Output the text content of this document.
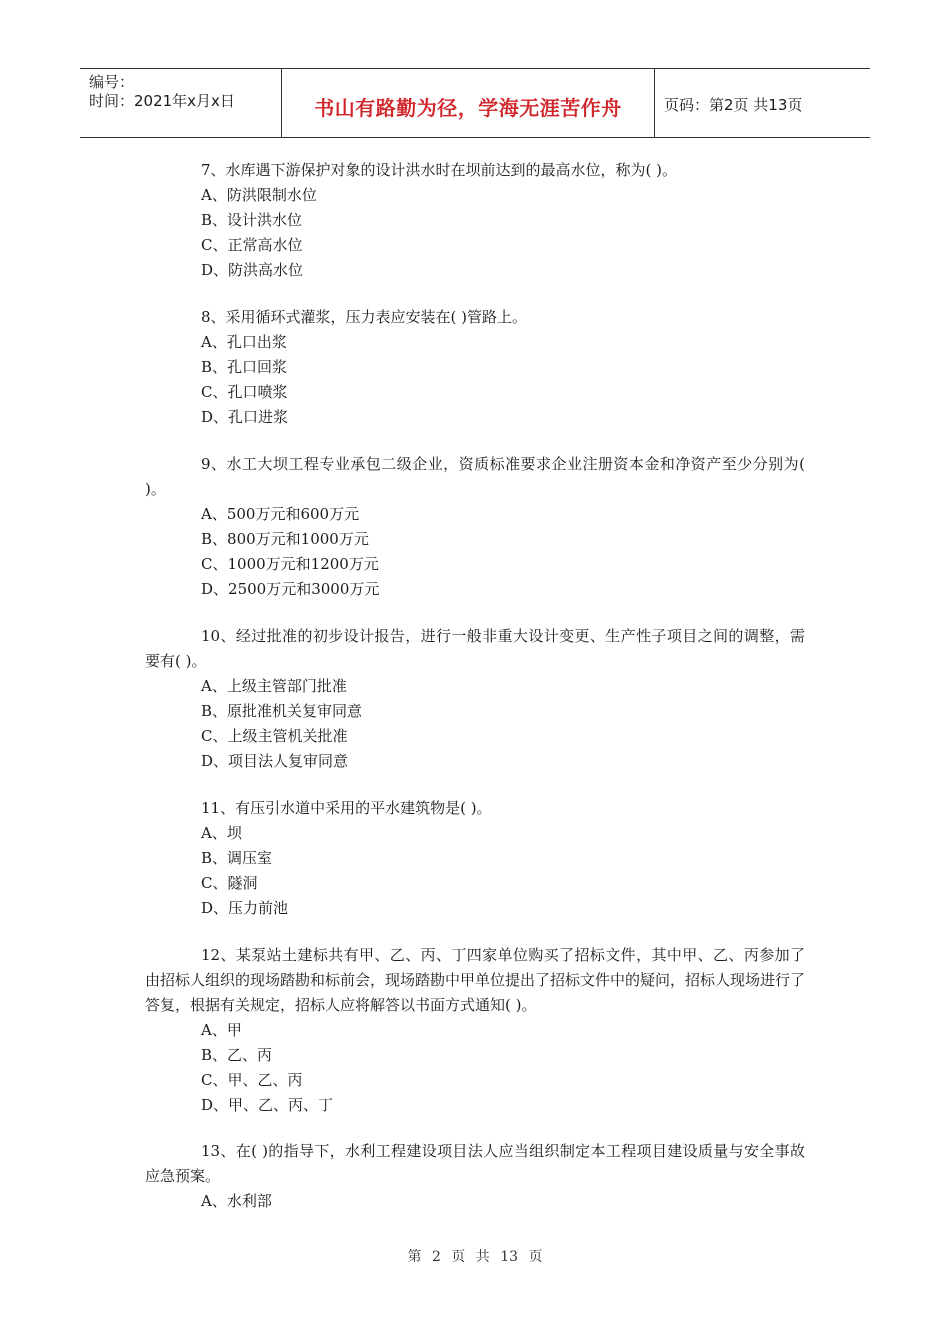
编号：
时间：2021年x月x日	书山有路勤为径，学海无涯苦作舟	页码：第2页 共13页
7、水库遇下游保护对象的设计洪水时在坝前达到的最高水位，称为( )。
A、防洪限制水位
B、设计洪水位
C、正常高水位
D、防洪高水位
8、采用循环式灌浆，压力表应安装在( )管路上。
A、孔口出浆
B、孔口回浆
C、孔口喷浆
D、孔口进浆
9、水工大坝工程专业承包二级企业，资质标准要求企业注册资本金和净资产至少分别为( )。
A、500万元和600万元
B、800万元和1000万元
C、1000万元和1200万元
D、2500万元和3000万元
10、经过批准的初步设计报告，进行一般非重大设计变更、生产性子项目之间的调整，需要有( )。
A、上级主管部门批准
B、原批准机关复审同意
C、上级主管机关批准
D、项目法人复审同意
11、有压引水道中采用的平水建筑物是( )。
A、坝
B、调压室
C、隧洞
D、压力前池
12、某泵站土建标共有甲、乙、丙、丁四家单位购买了招标文件，其中甲、乙、丙参加了由招标人组织的现场踏勘和标前会，现场踏勘中甲单位提出了招标文件中的疑问，招标人现场进行了答复，根据有关规定，招标人应将解答以书面方式通知( )。
A、甲
B、乙、丙
C、甲、乙、丙
D、甲、乙、丙、丁
13、在( )的指导下，水利工程建设项目法人应当组织制定本工程项目建设质量与安全事故应急预案。
A、水利部
第 2 页 共 13 页
